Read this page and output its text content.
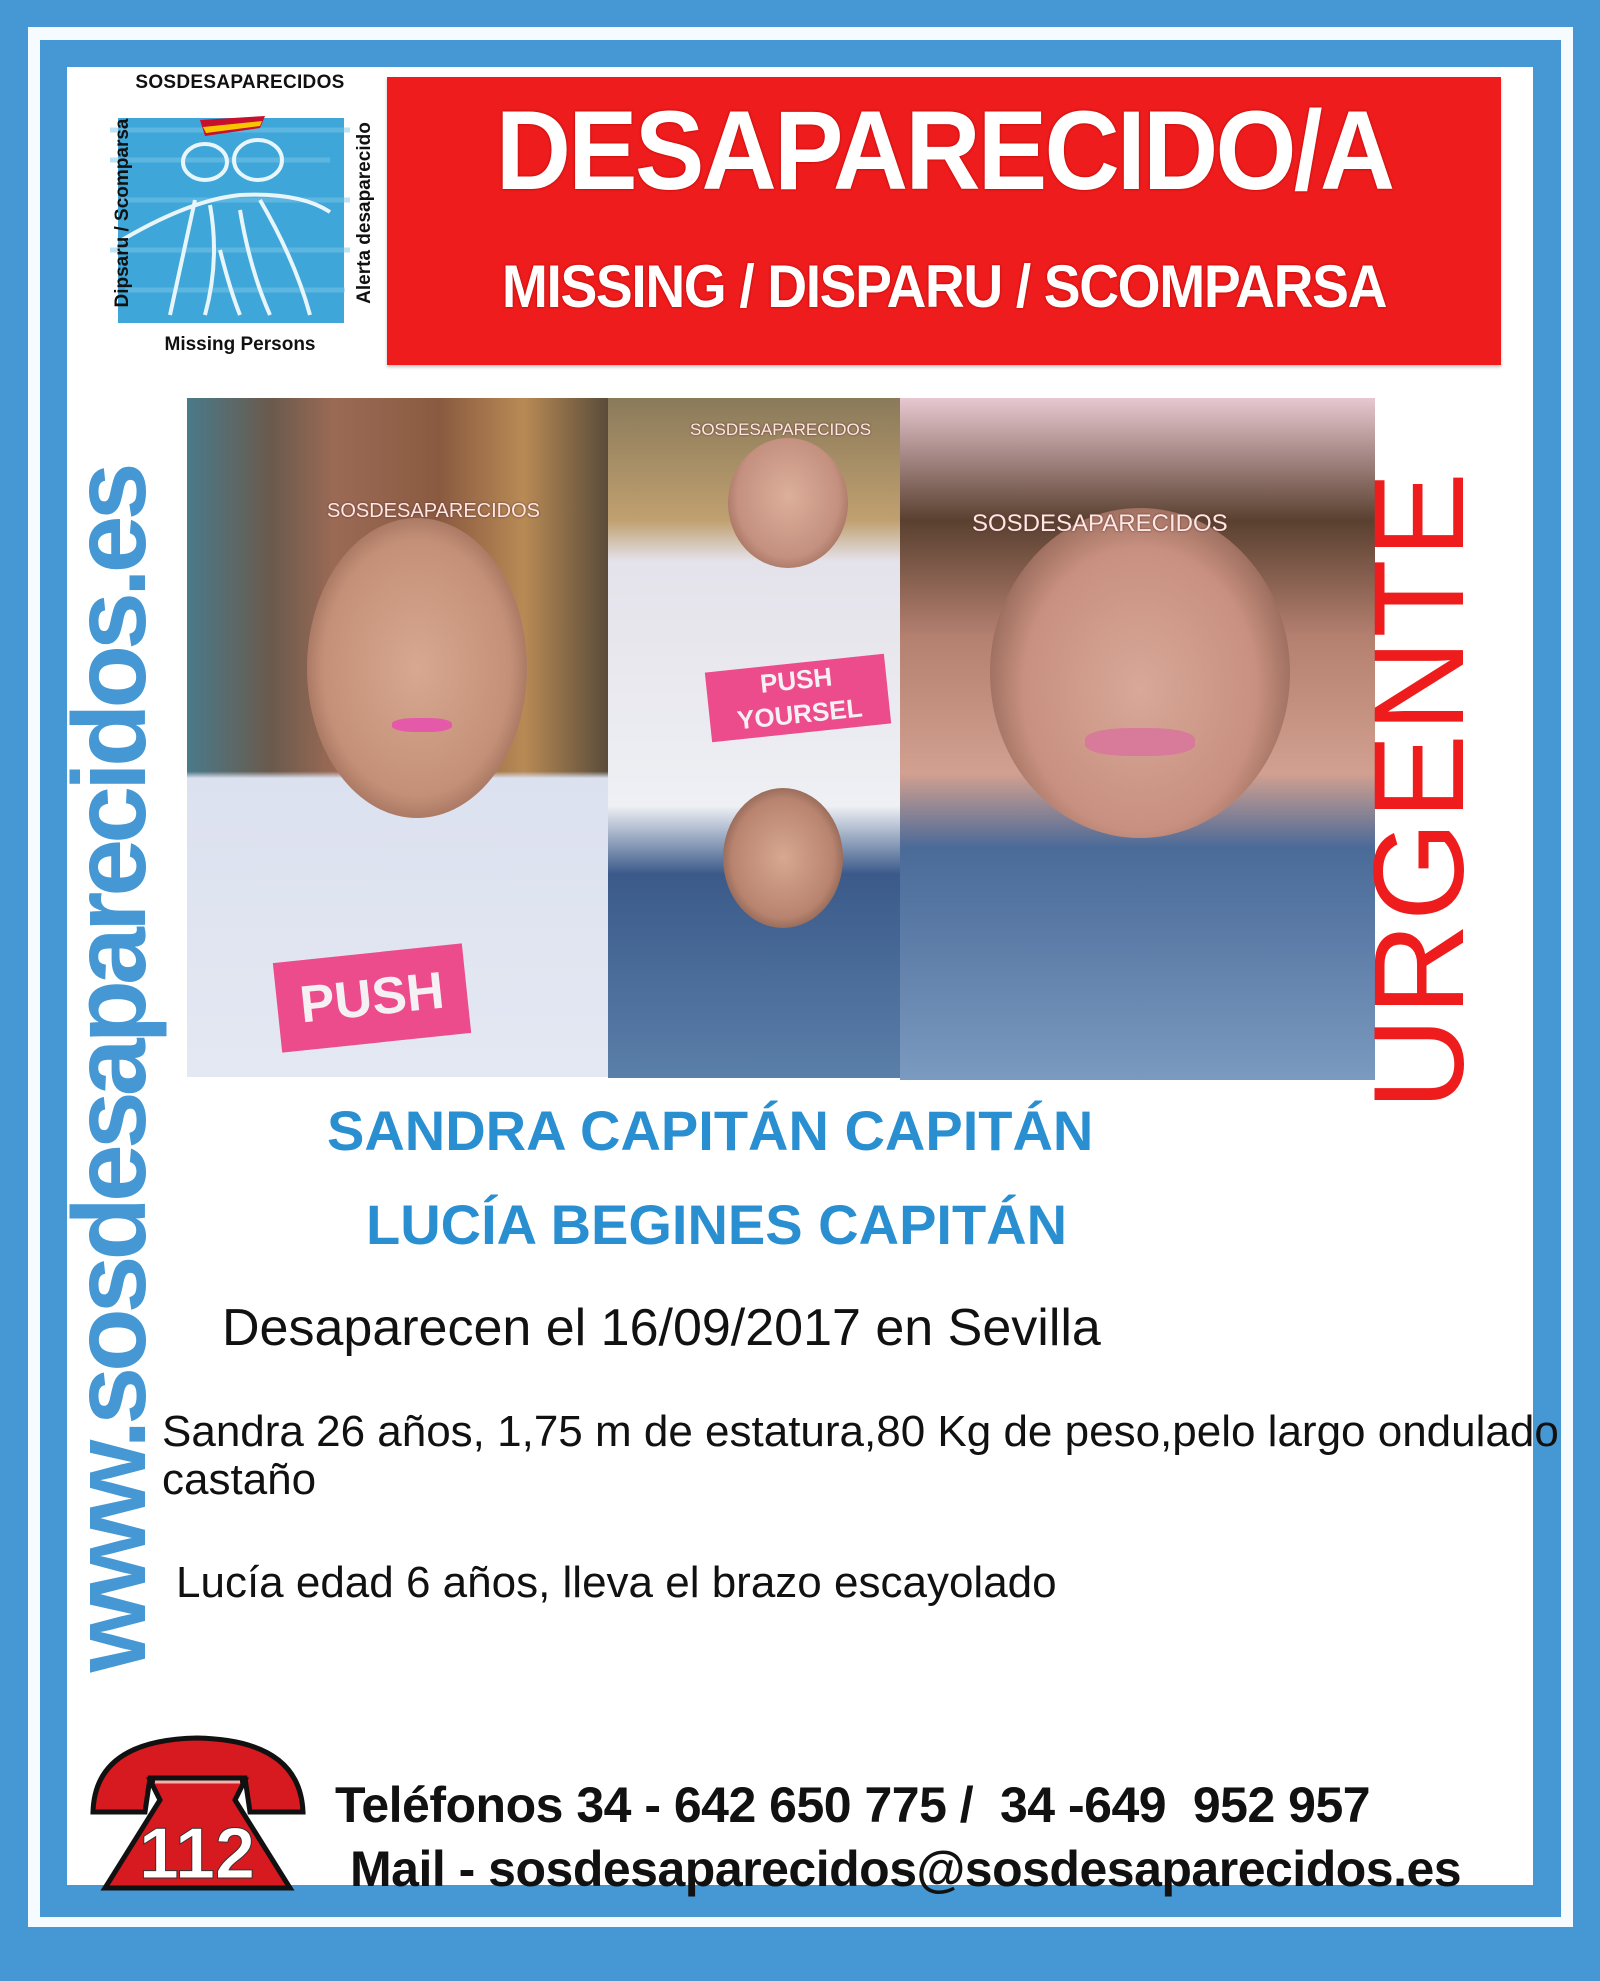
SOSDESAPARECIDOS
Missing Persons
Dipsaru / Scomparsa	Alerta desaparecido	DESAPARECIDO/A
MISSING / DISPARU / SCOMPARSA
www.sosdesaparecidos.es	PUSH
SOSDESAPARECIDOS
PUSH YOURSEL
SOSDESAPARECIDOS
SOSDESAPARECIDOS URGENTE
SANDRA CAPITÁN CAPITÁN
LUCÍA BEGINES CAPITÁN
Desaparecen el 16/09/2017 en Sevilla
Sandra 26 años, 1,75 m de estatura,80 Kg de peso,pelo largo ondulado castaño
Lucía edad 6 años, lleva el brazo escayolado
112
Teléfonos 34 - 642 650 775 /  34 -649  952 957
Mail - sosdesaparecidos@sosdesaparecidos.es
